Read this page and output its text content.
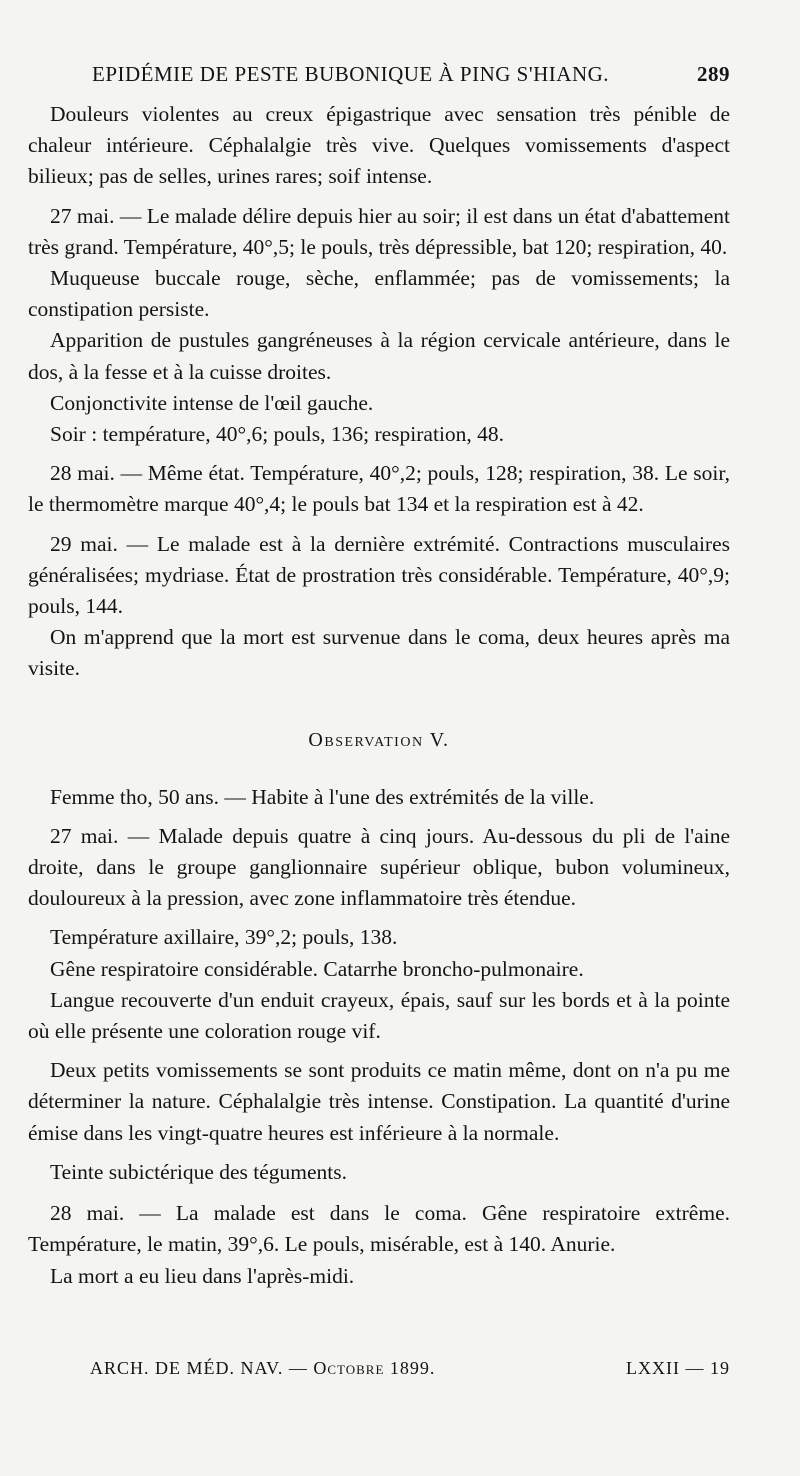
EPIDÉMIE DE PESTE BUBONIQUE À PING S'HIANG.	289

Douleurs violentes au creux épigastrique avec sensation très pénible de chaleur intérieure. Céphalalgie très vive. Quelques vomissements d'aspect bilieux; pas de selles, urines rares; soif intense.

27 mai. — Le malade délire depuis hier au soir; il est dans un état d'abattement très grand. Température, 40°,5; le pouls, très dépressible, bat 120; respiration, 40.

Muqueuse buccale rouge, sèche, enflammée; pas de vomissements; la constipation persiste.

Apparition de pustules gangréneuses à la région cervicale antérieure, dans le dos, à la fesse et à la cuisse droites.

Conjonctivite intense de l'œil gauche.

Soir : température, 40°,6; pouls, 136; respiration, 48.

28 mai. — Même état. Température, 40°,2; pouls, 128; respiration, 38. Le soir, le thermomètre marque 40°,4; le pouls bat 134 et la respiration est à 42.

29 mai. — Le malade est à la dernière extrémité. Contractions musculaires généralisées; mydriase. État de prostration très considérable. Température, 40°,9; pouls, 144.

On m'apprend que la mort est survenue dans le coma, deux heures après ma visite.

Observation V.

Femme tho, 50 ans. — Habite à l'une des extrémités de la ville.

27 mai. — Malade depuis quatre à cinq jours. Au-dessous du pli de l'aine droite, dans le groupe ganglionnaire supérieur oblique, bubon volumineux, douloureux à la pression, avec zone inflammatoire très étendue.

Température axillaire, 39°,2; pouls, 138.

Gêne respiratoire considérable. Catarrhe broncho-pulmonaire.

Langue recouverte d'un enduit crayeux, épais, sauf sur les bords et à la pointe où elle présente une coloration rouge vif.

Deux petits vomissements se sont produits ce matin même, dont on n'a pu me déterminer la nature. Céphalalgie très intense. Constipation. La quantité d'urine émise dans les vingt-quatre heures est inférieure à la normale.

Teinte subictérique des téguments.

28 mai. — La malade est dans le coma. Gêne respiratoire extrême. Température, le matin, 39°,6. Le pouls, misérable, est à 140. Anurie.

La mort a eu lieu dans l'après-midi.

ARCH. DE MÉD. NAV. — Octobre 1899.	LXXII — 19
